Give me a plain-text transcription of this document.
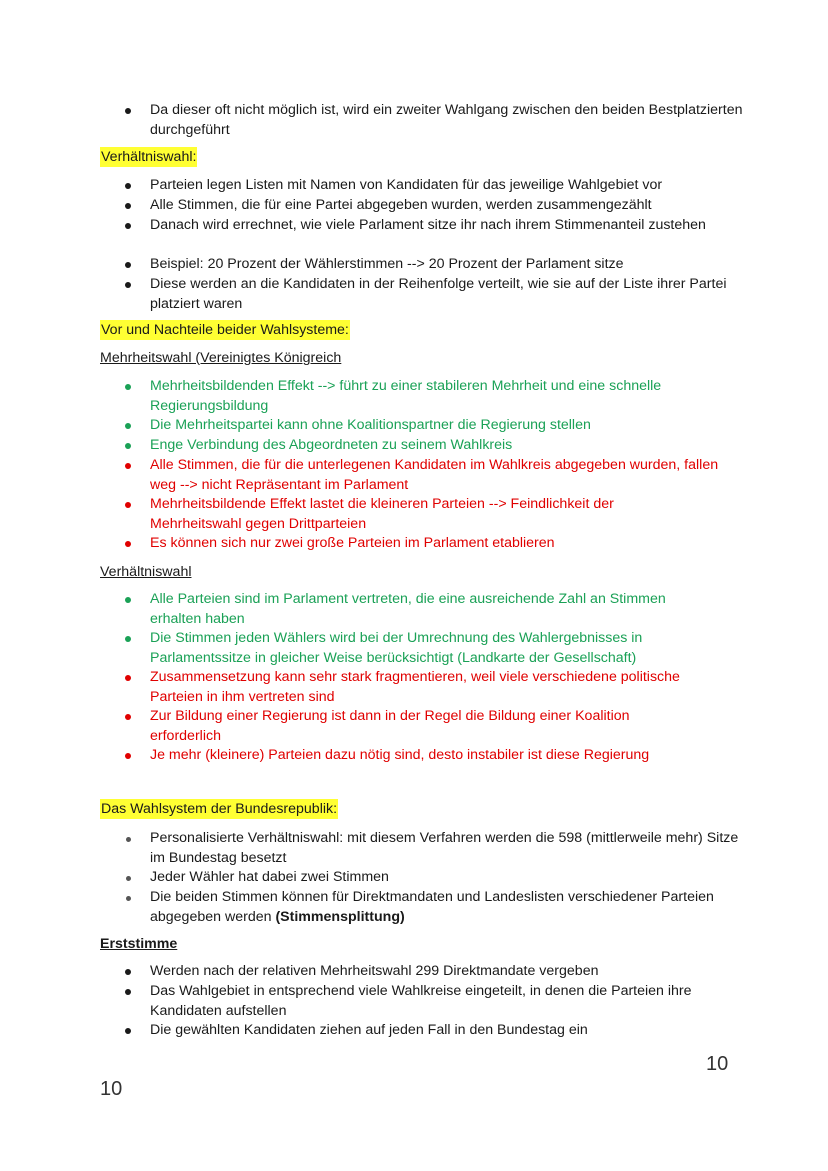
Da dieser oft nicht möglich ist, wird ein zweiter Wahlgang zwischen den beiden Bestplatzierten durchgeführt

Verhältniswahl:

Parteien legen Listen mit Namen von Kandidaten für das jeweilige Wahlgebiet vor

Alle Stimmen, die für eine Partei abgegeben wurden, werden zusammengezählt

Danach wird errechnet, wie viele Parlament sitze ihr nach ihrem Stimmenanteil zustehen

Beispiel: 20 Prozent der Wählerstimmen --> 20 Prozent der Parlament sitze

Diese werden an die Kandidaten in der Reihenfolge verteilt, wie sie auf der Liste ihrer Partei platziert waren

Vor und Nachteile beider Wahlsysteme:

Mehrheitswahl (Vereinigtes Königreich

Mehrheitsbildenden Effekt --> führt zu einer stabileren Mehrheit und eine schnelle Regierungsbildung

Die Mehrheitspartei kann ohne Koalitionspartner die Regierung stellen

Enge Verbindung des Abgeordneten zu seinem Wahlkreis

Alle Stimmen, die für die unterlegenen Kandidaten im Wahlkreis abgegeben wurden, fallen weg --> nicht Repräsentant im Parlament

Mehrheitsbildende Effekt lastet die kleineren Parteien --> Feindlichkeit der Mehrheitswahl gegen Drittparteien

Es können sich nur zwei große Parteien im Parlament etablieren

Verhältniswahl

Alle Parteien sind im Parlament vertreten, die eine ausreichende Zahl an Stimmen erhalten haben

Die Stimmen jeden Wählers wird bei der Umrechnung des Wahlergebnisses in Parlamentssitze in gleicher Weise berücksichtigt (Landkarte der Gesellschaft)

Zusammensetzung kann sehr stark fragmentieren, weil viele verschiedene politische Parteien in ihm vertreten sind

Zur Bildung einer Regierung ist dann in der Regel die Bildung einer Koalition erforderlich

Je mehr (kleinere) Parteien dazu nötig sind, desto instabiler ist diese Regierung

Das Wahlsystem der Bundesrepublik:

Personalisierte Verhältniswahl: mit diesem Verfahren werden die 598 (mittlerweile mehr) Sitze im Bundestag besetzt

Jeder Wähler hat dabei zwei Stimmen

Die beiden Stimmen können für Direktmandaten und Landeslisten verschiedener Parteien abgegeben werden (Stimmensplittung)

Erststimme

Werden nach der relativen Mehrheitswahl 299 Direktmandate vergeben

Das Wahlgebiet in entsprechend viele Wahlkreise eingeteilt, in denen die Parteien ihre Kandidaten aufstellen

Die gewählten Kandidaten ziehen auf jeden Fall in den Bundestag ein

10
10
